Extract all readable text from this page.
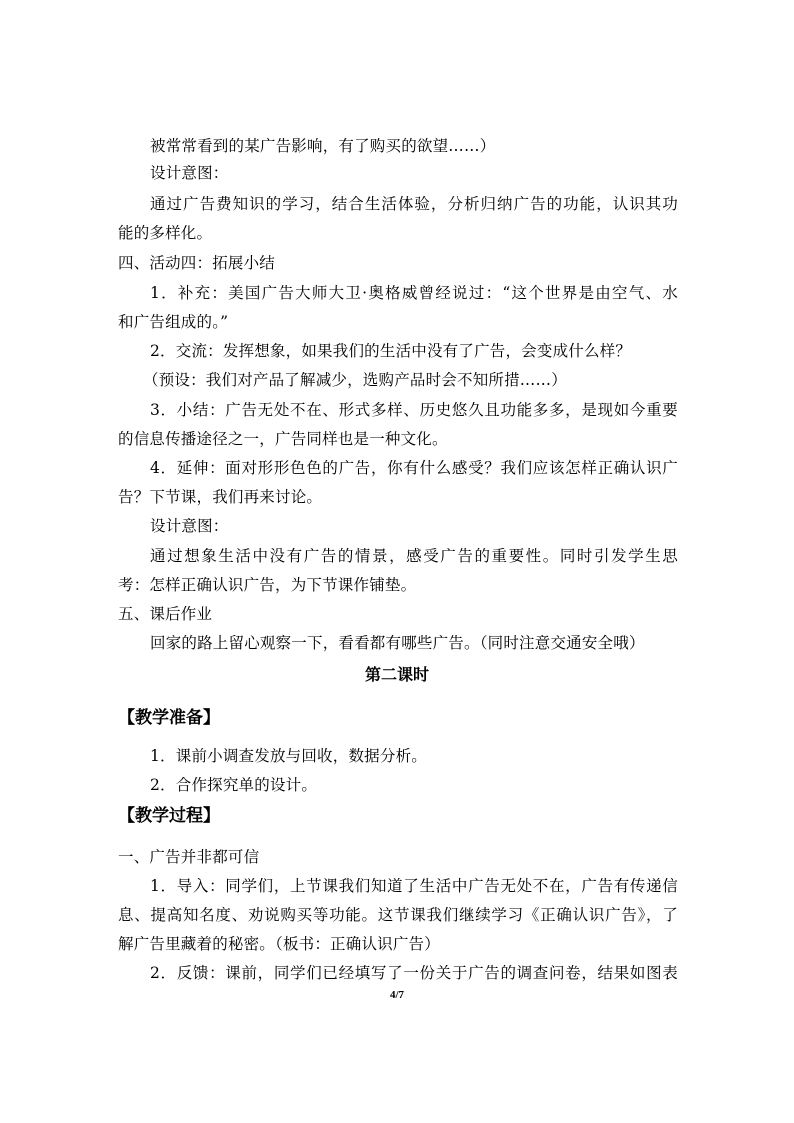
被常常看到的某广告影响，有了购买的欲望……）
设计意图：
通过广告费知识的学习，结合生活体验，分析归纳广告的功能，认识其功
能的多样化。
四、活动四：拓展小结
1．补充：美国广告大师大卫·奥格威曾经说过：“这个世界是由空气、水
和广告组成的。”
2．交流：发挥想象，如果我们的生活中没有了广告，会变成什么样？
（预设：我们对产品了解减少，选购产品时会不知所措……）
3．小结：广告无处不在、形式多样、历史悠久且功能多多，是现如今重要
的信息传播途径之一，广告同样也是一种文化。
4．延伸：面对形形色色的广告，你有什么感受？我们应该怎样正确认识广
告？下节课，我们再来讨论。
设计意图：
通过想象生活中没有广告的情景，感受广告的重要性。同时引发学生思
考：怎样正确认识广告，为下节课作铺垫。
五、课后作业
回家的路上留心观察一下，看看都有哪些广告。（同时注意交通安全哦）
第二课时
【教学准备】
1．课前小调查发放与回收，数据分析。
2．合作探究单的设计。
【教学过程】
一、广告并非都可信
1．导入：同学们，上节课我们知道了生活中广告无处不在，广告有传递信
息、提高知名度、劝说购买等功能。这节课我们继续学习《正确认识广告》，了
解广告里藏着的秘密。（板书：正确认识广告）
2．反馈：课前，同学们已经填写了一份关于广告的调查问卷，结果如图表
4/7
